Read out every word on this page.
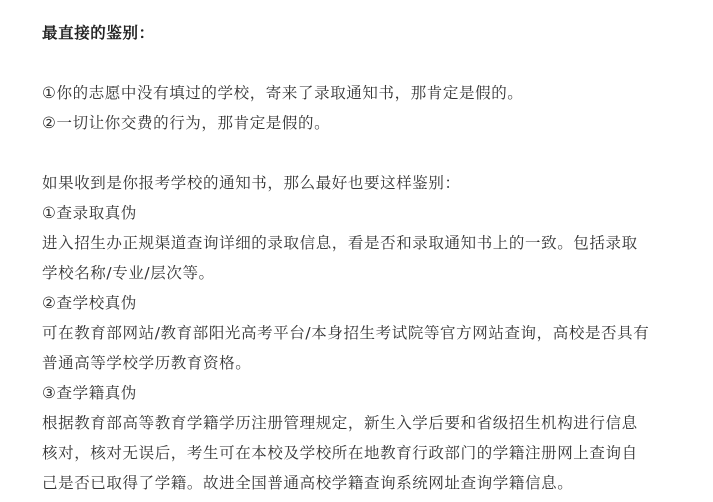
最直接的鉴别：
①你的志愿中没有填过的学校，寄来了录取通知书，那肯定是假的。
②一切让你交费的行为，那肯定是假的。
如果收到是你报考学校的通知书，那么最好也要这样鉴别：
①查录取真伪
进入招生办正规渠道查询详细的录取信息，看是否和录取通知书上的一致。包括录取
学校名称/专业/层次等。
②查学校真伪
可在教育部网站/教育部阳光高考平台/本身招生考试院等官方网站查询，高校是否具有
普通高等学校学历教育资格。
③查学籍真伪
根据教育部高等教育学籍学历注册管理规定，新生入学后要和省级招生机构进行信息
核对，核对无误后，考生可在本校及学校所在地教育行政部门的学籍注册网上查询自
己是否已取得了学籍。故进全国普通高校学籍查询系统网址查询学籍信息。
